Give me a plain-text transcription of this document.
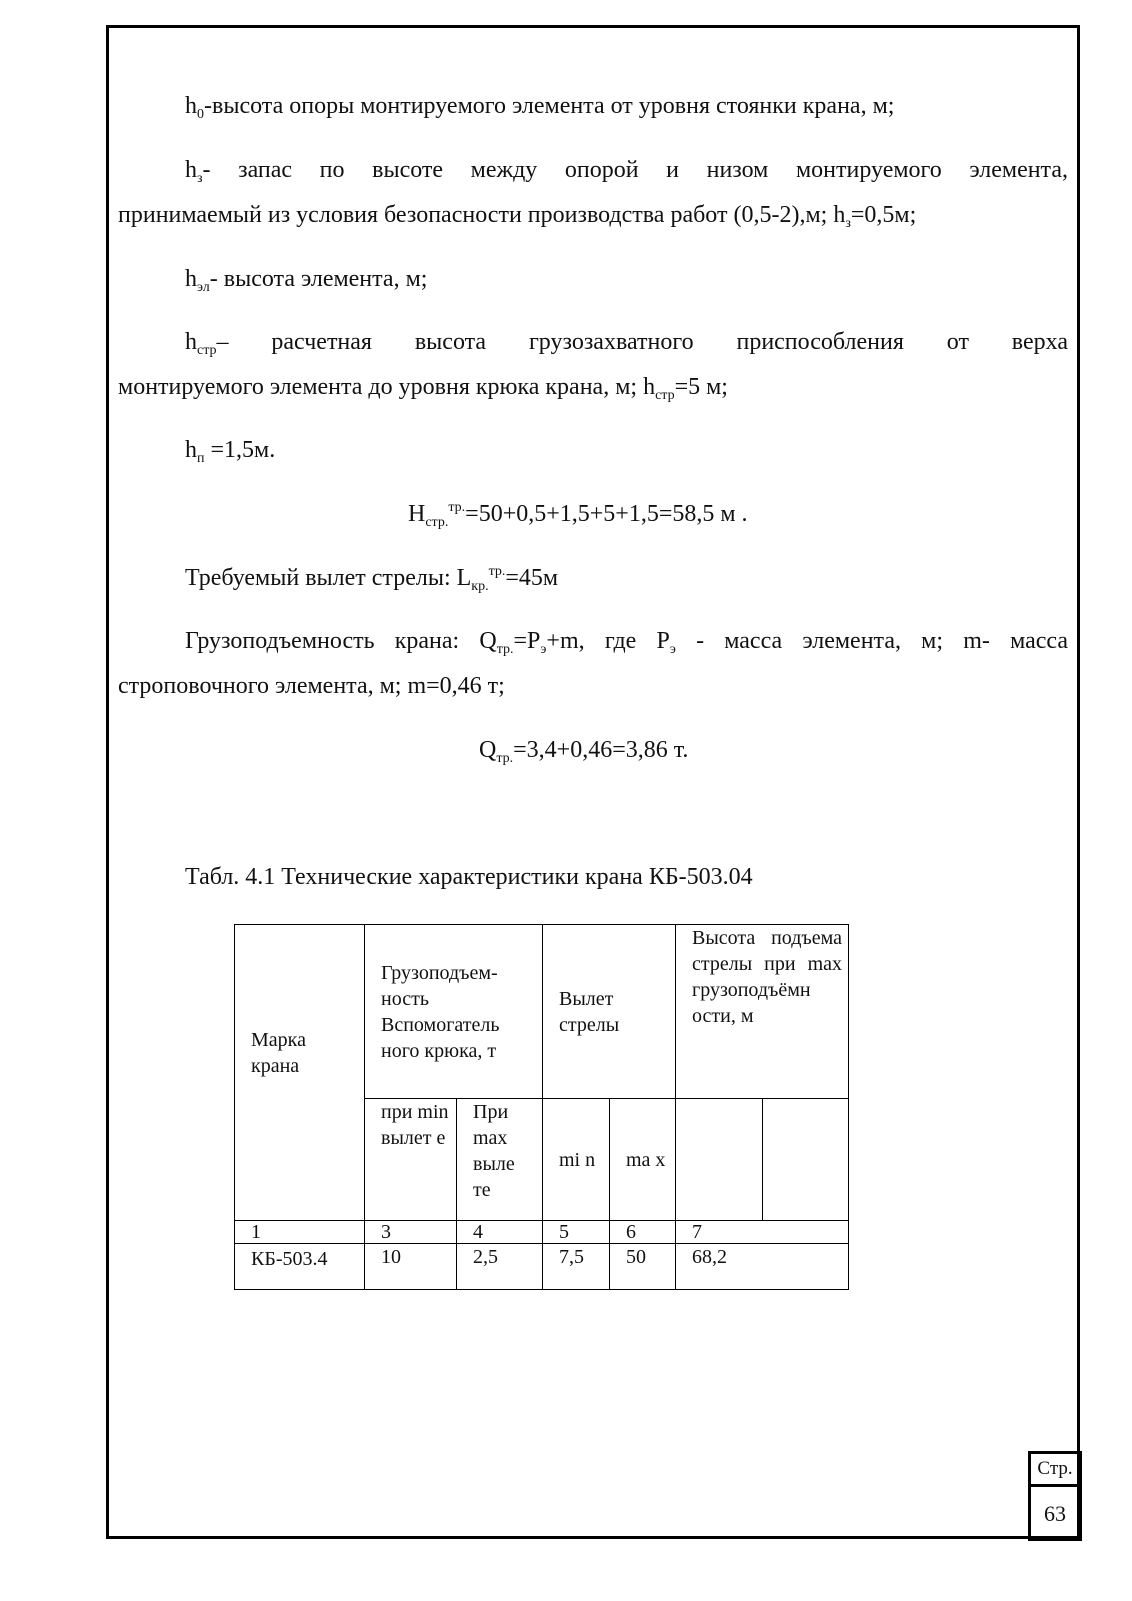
$h_0$-высота опоры монтируемого элемента от уровня стоянки крана, м;

$h_з-$ запас по высоте между опорой и низом монтируемого элемента,

принимаемый из условия безопасности производства работ (0,5-2),м; $h_з=0,5м$;

$h_{эл}-$ высота элемента, м;

$h_{стр}-$ расчетная высота грузозахватного приспособления от верха

монтируемого элемента до уровня крюка крана, м; $h_{стр}=5$ м;

$h_п =1,5м$.

$H_{стр.}^{тр.}=50+0,5+1,5+5+1,5=58,5$ м .

Требуемый вылет стрелы: $L_{кр.}^{тр.}=45м$

Грузоподъемность крана: $Q_{тр.}=Р_э+m$, где $Р_э$ - масса элемента, м; m- масса

строповочного элемента, м; m=0,46 т;

$Q_{тр.}=3,4+0,46=3,86$ т.

Табл. 4.1 Технические характеристики крана КБ-503.04

Марка крана	Грузоподъем-ность Вспомогатель ного крюка, т		Вылет стрелы		Высота подъема стрелы при max грузоподъёмн ости, м	
	при min вылет е	При max выле те	mi n	ma x		
1	3	4	5	6	7	
КБ-503.4	10	2,5	7,5	50	68,2	
Стр.
63
